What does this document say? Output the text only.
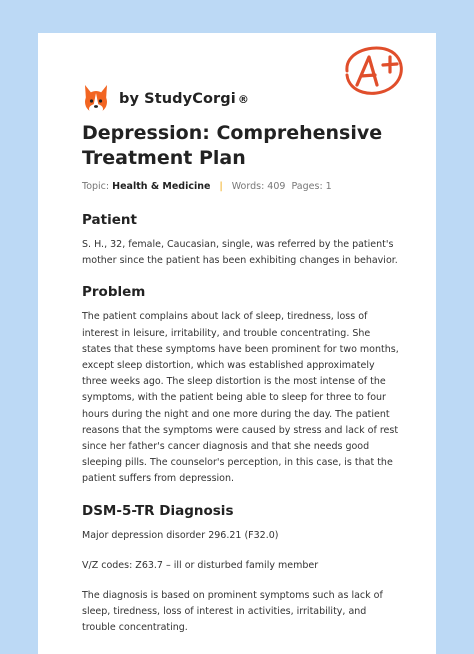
by StudyCorgi ®
Depression: Comprehensive Treatment Plan
Topic: Health & Medicine | Words: 409 Pages: 1
Patient

S. H., 32, female, Caucasian, single, was referred by the patient's mother since the patient has been exhibiting changes in behavior.

Problem

The patient complains about lack of sleep, tiredness, loss of interest in leisure, irritability, and trouble concentrating. She states that these symptoms have been prominent for two months, except sleep distortion, which was established approximately three weeks ago. The sleep distortion is the most intense of the symptoms, with the patient being able to sleep for three to four hours during the night and one more during the day. The patient reasons that the symptoms were caused by stress and lack of rest since her father's cancer diagnosis and that she needs good sleeping pills. The counselor's perception, in this case, is that the patient suffers from depression.

DSM-5-TR Diagnosis

Major depression disorder 296.21 (F32.0)

V/Z codes: Z63.7 – ill or disturbed family member

The diagnosis is based on prominent symptoms such as lack of sleep, tiredness, loss of interest in activities, irritability, and trouble concentrating.
